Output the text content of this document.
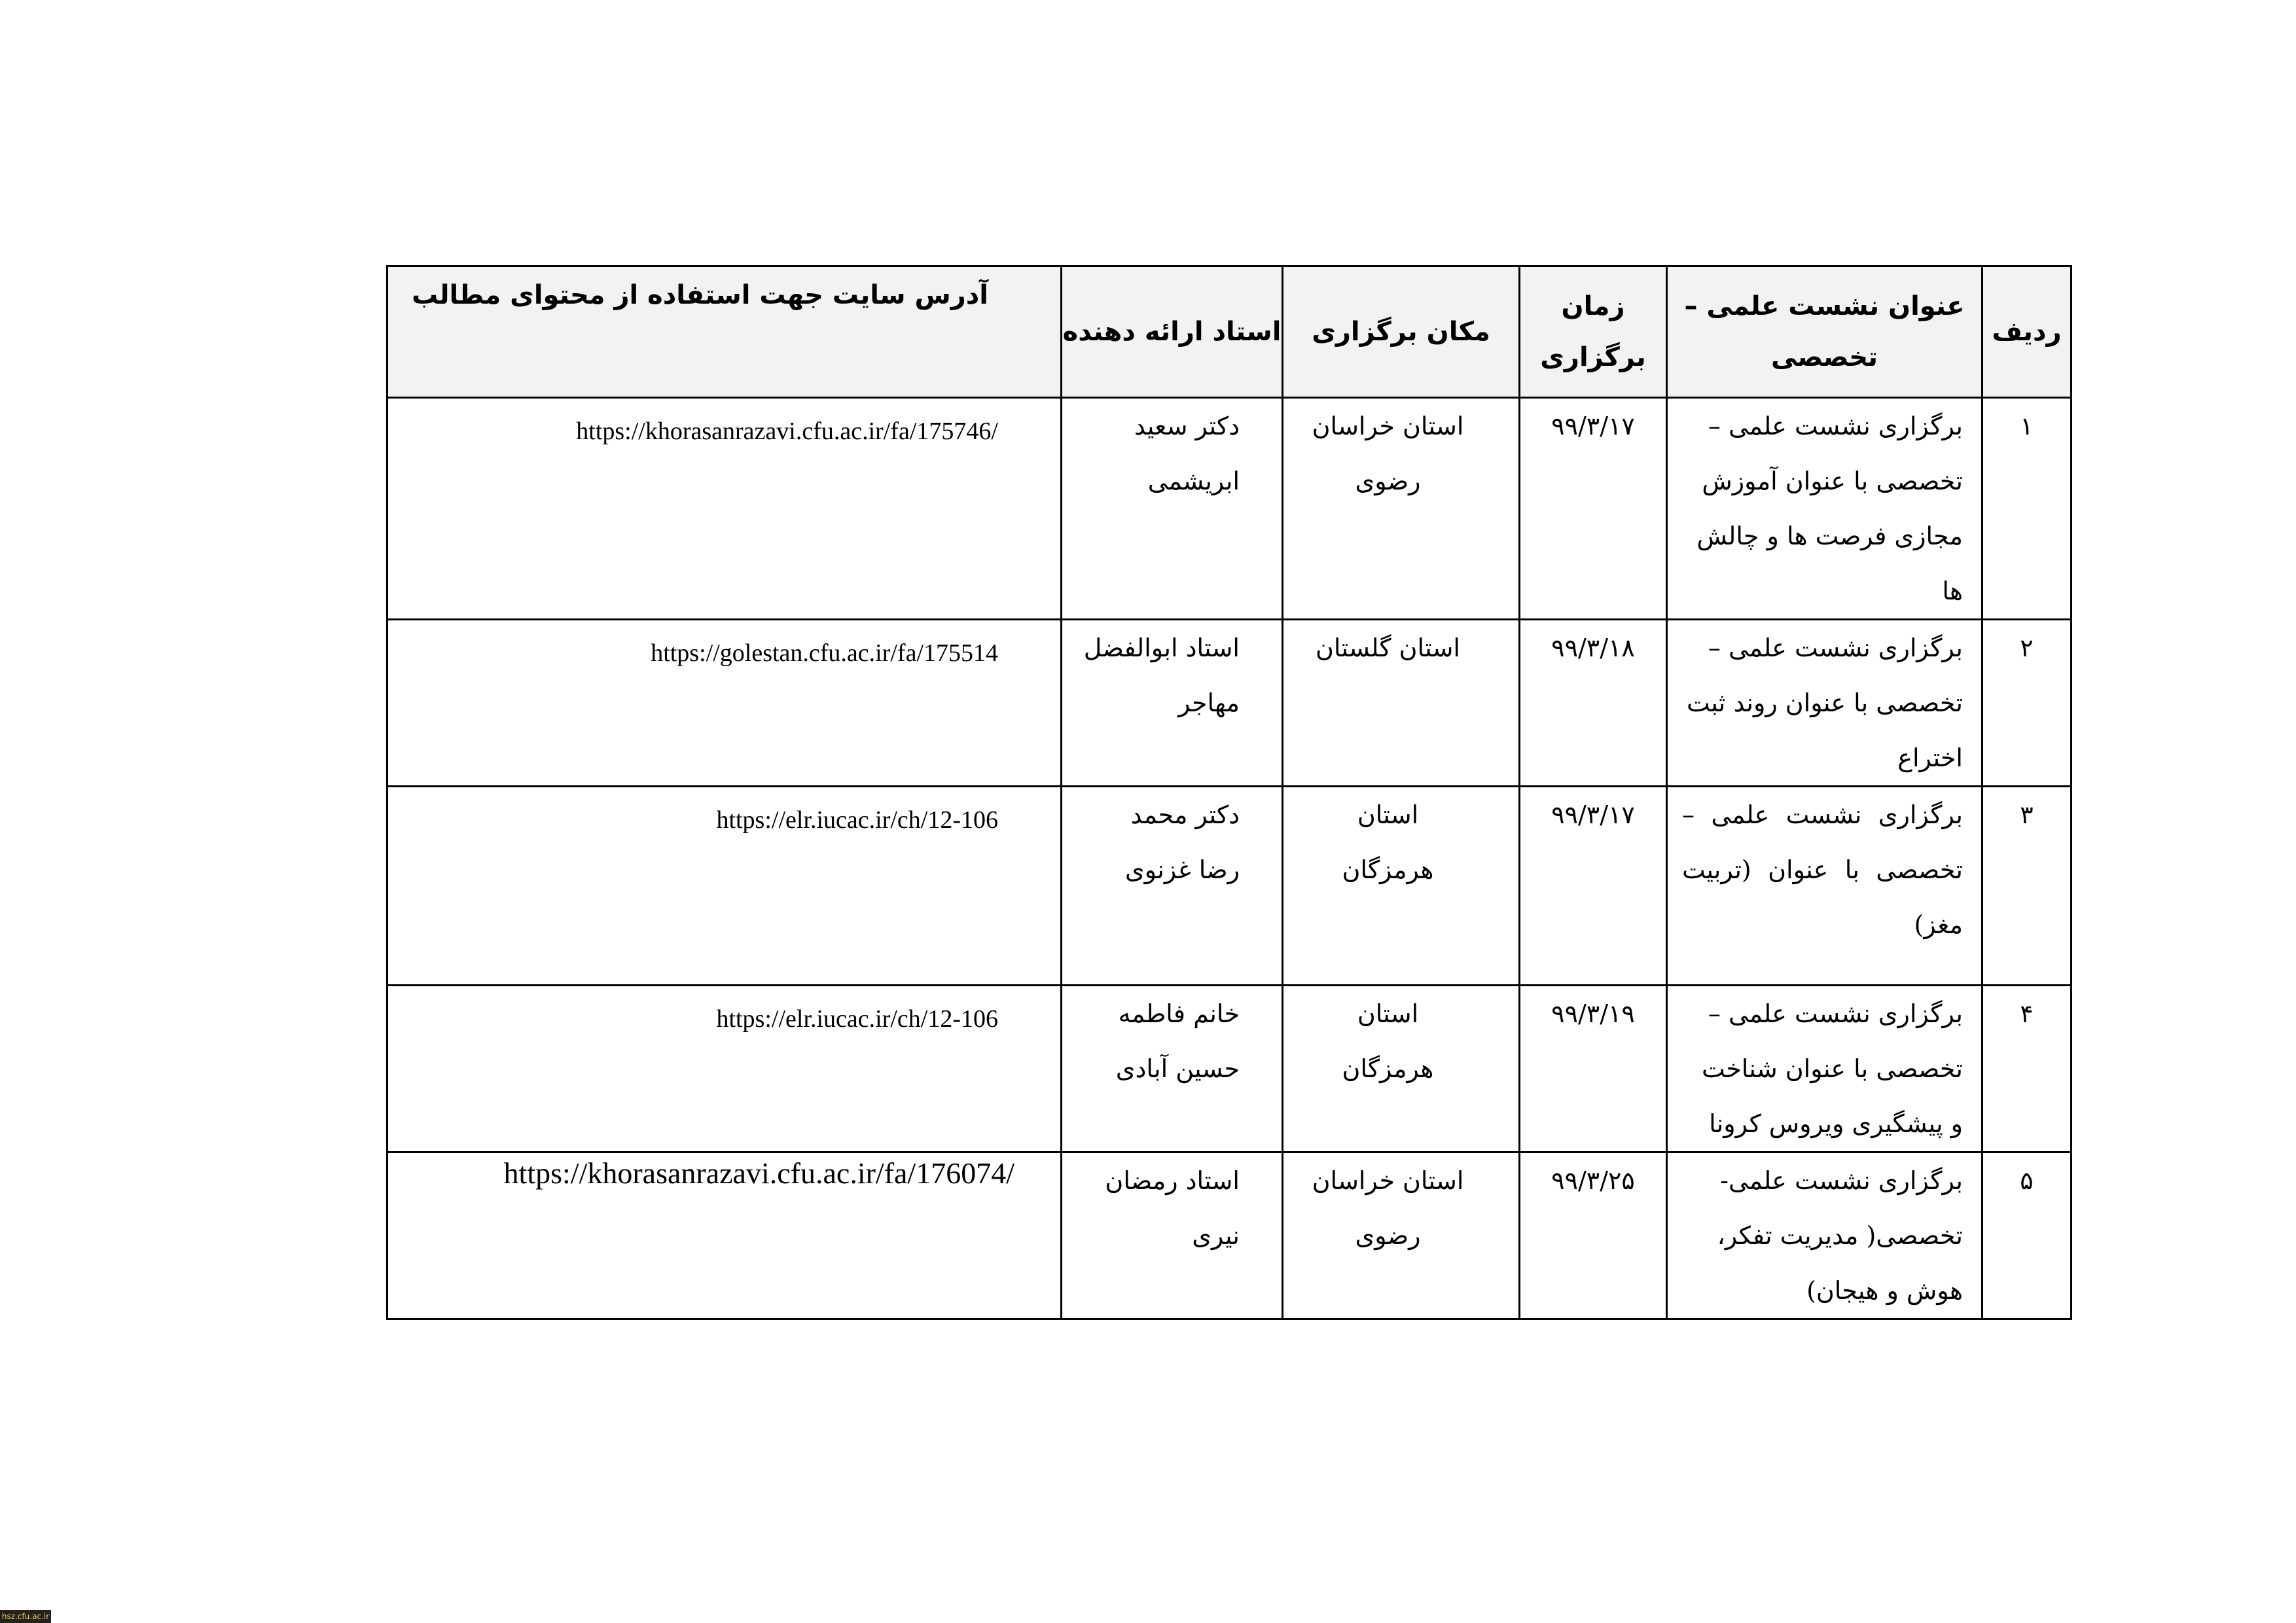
ردیف	عنوان نشست علمی – تخصصی	زمان برگزاری	مکان برگزاری	استاد ارائه دهنده	آدرس سایت جهت استفاده از محتوای مطالب
۱	برگزاری نشست علمی – تخصصی با عنوان آموزش مجازی فرصت ها و چالش ها	۹۹/۳/۱۷	استان خراسان رضوی	دکتر سعید ابریشمی	https://khorasanrazavi.cfu.ac.ir/fa/175746/
۲	برگزاری نشست علمی – تخصصی با عنوان روند ثبت اختراع	۹۹/۳/۱۸	استان گلستان	استاد ابوالفضل مهاجر	https://golestan.cfu.ac.ir/fa/175514
۳	برگزاری نشست علمی – تخصصی با عنوان (تربیت مغز)	۹۹/۳/۱۷	استان هرمزگان	دکتر محمد رضا غزنوی	https://elr.iucac.ir/ch/12-106
۴	برگزاری نشست علمی – تخصصی با عنوان شناخت و پیشگیری ویروس کرونا	۹۹/۳/۱۹	استان هرمزگان	خانم فاطمه حسین آبادی	https://elr.iucac.ir/ch/12-106
۵	برگزاری نشست علمی- تخصصی( مدیریت تفکر، هوش و هیجان)	۹۹/۳/۲۵	استان خراسان رضوی	استاد رمضان نیری	https://khorasanrazavi.cfu.ac.ir/fa/176074/
hsz.cfu.ac.ir
